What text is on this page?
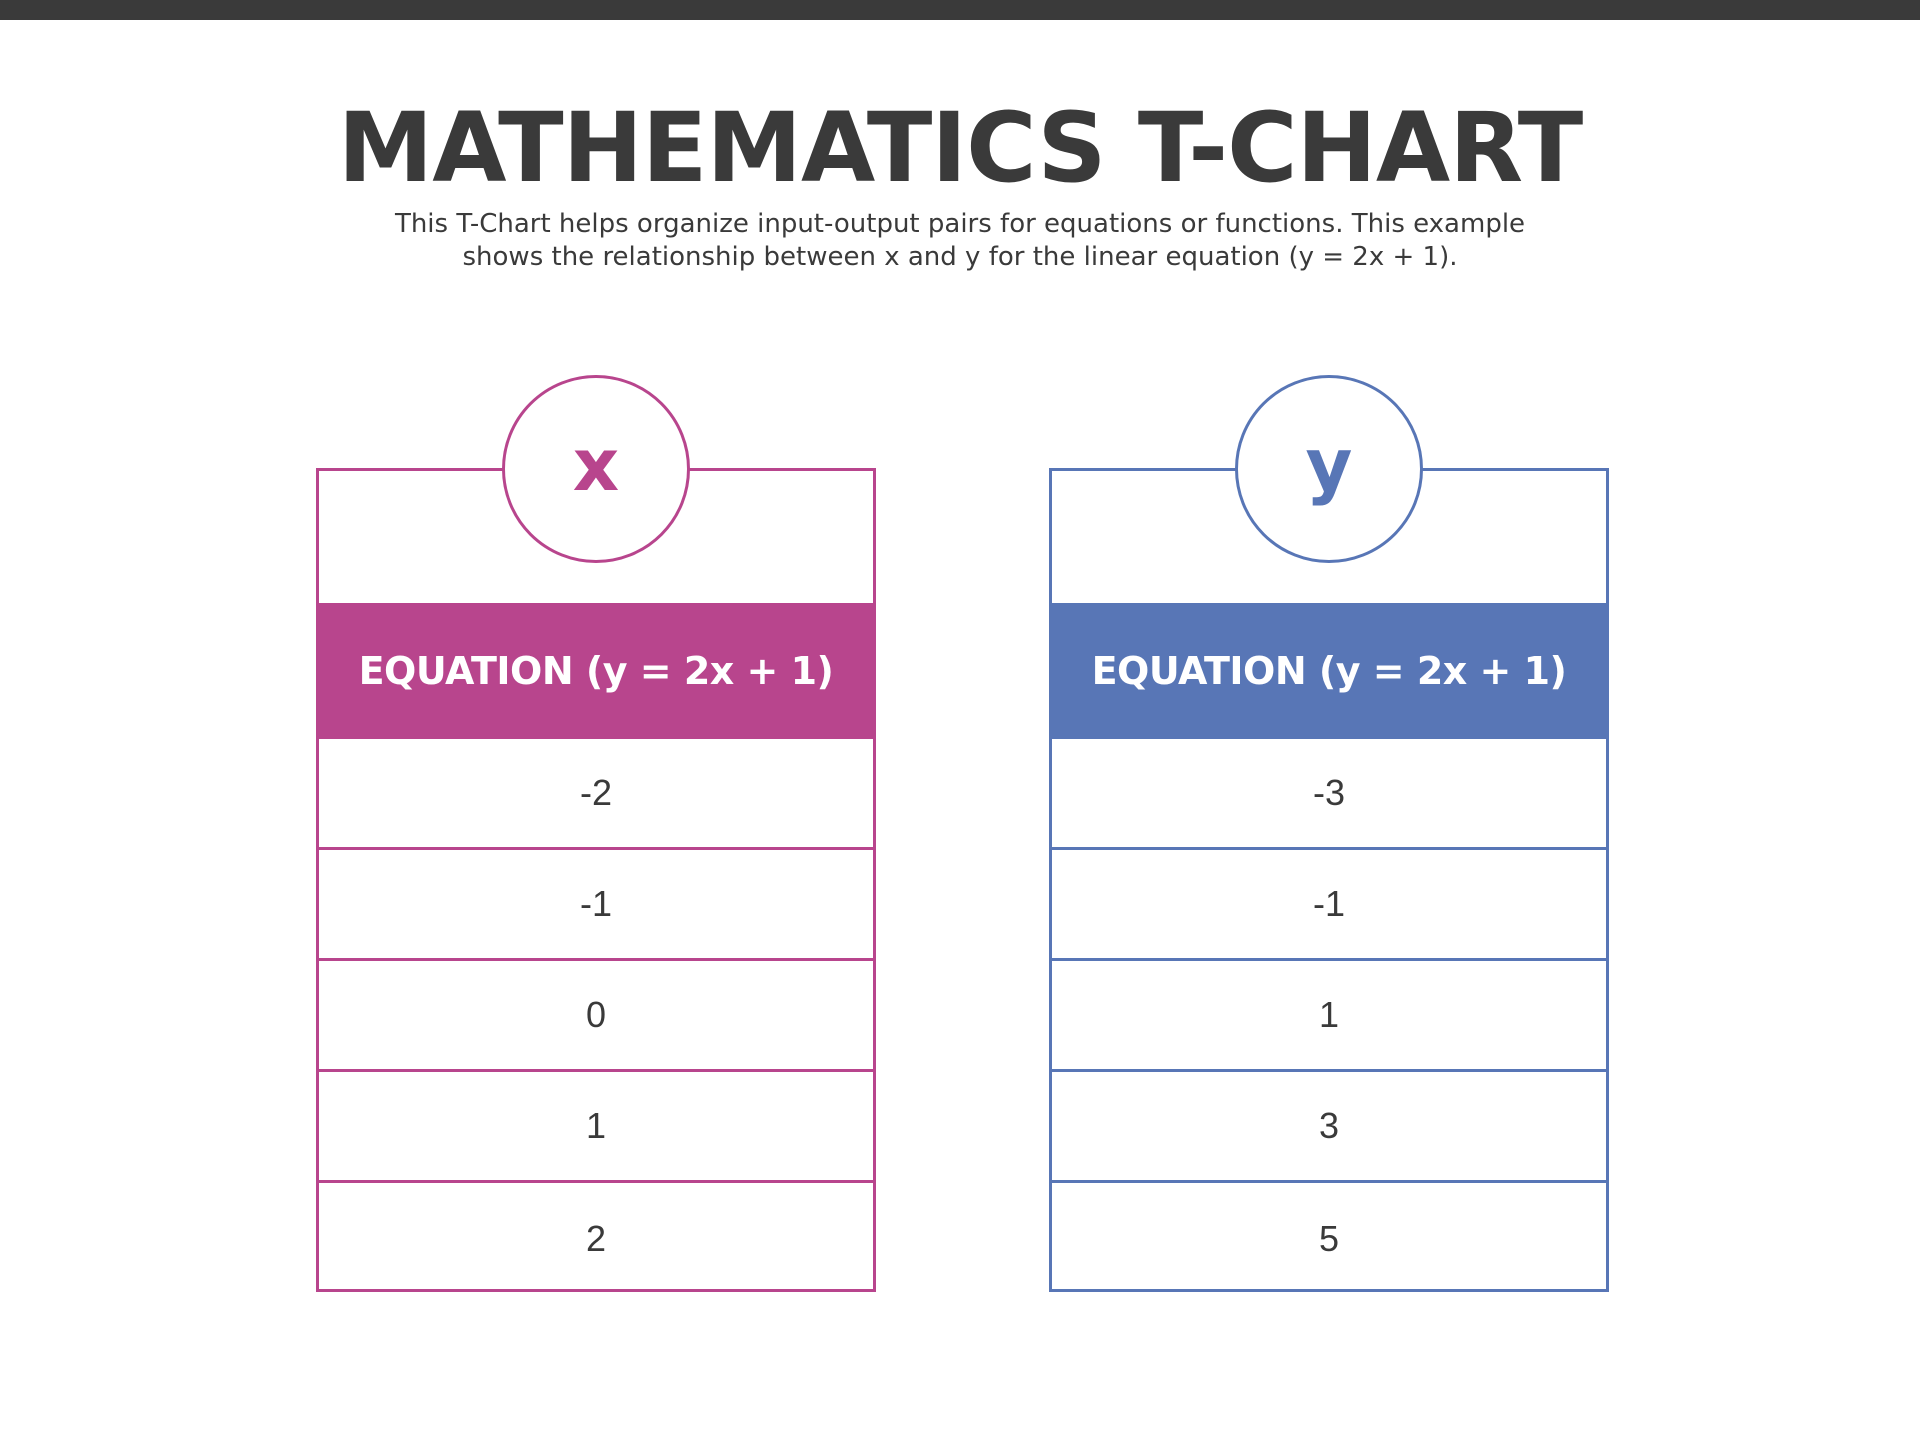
MATHEMATICS T-CHART

This T-Chart helps organize input-output pairs for equations or functions. This example shows the relationship between x and y for the linear equation (y = 2x + 1).

EQUATION (y = 2x + 1)
-2
-1
0
1
2
x
EQUATION (y = 2x + 1)
-3
-1
1
3
5
y
